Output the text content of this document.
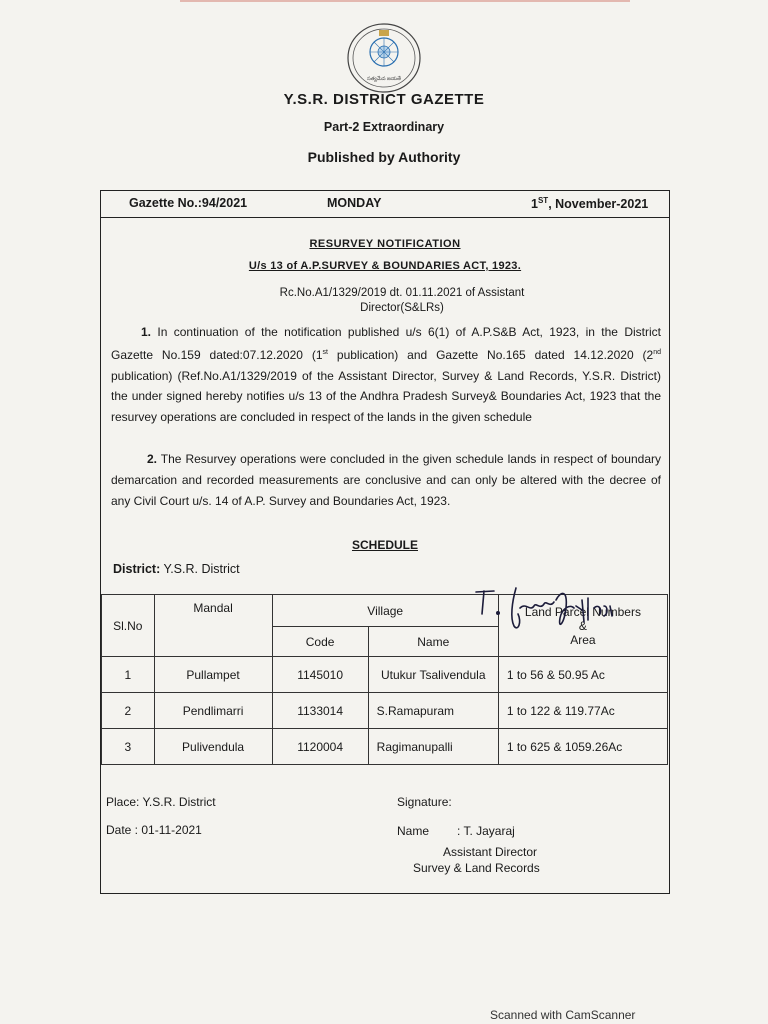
సత్యమేవ జయతే
Y.S.R. DISTRICT GAZETTE
Part-2 Extraordinary
Published by Authority
Gazette No.:94/2021	MONDAY	1ST, November-2021
RESURVEY NOTIFICATION
U/s 13 of A.P.SURVEY & BOUNDARIES ACT, 1923.
Rc.No.A1/1329/2019 dt. 01.11.2021 of Assistant Director(S&LRs)
1. In continuation of the notification published u/s 6(1) of A.P.S&B Act, 1923, in the District Gazette No.159 dated:07.12.2020 (1st publication) and Gazette No.165 dated 14.12.2020 (2nd publication) (Ref.No.A1/1329/2019 of the Assistant Director, Survey & Land Records, Y.S.R. District) the under signed hereby notifies u/s 13 of the Andhra Pradesh Survey& Boundaries Act, 1923 that the resurvey operations are concluded in respect of the lands in the given schedule
2. The Resurvey operations were concluded in the given schedule lands in respect of boundary demarcation and recorded measurements are conclusive and can only be altered with the decree of any Civil Court u/s. 14 of A.P. Survey and Boundaries Act, 1923.
SCHEDULE
District: Y.S.R. District
Sl.No	Mandal	Village		Land Parcel Numbers
&
Area

		Code	Name	
1	Pullampet	1145010	Utukur Tsalivendula	1 to 56 & 50.95 Ac
2	Pendlimarri	1133014	S.Ramapuram	1 to 122 & 119.77Ac
3	Pulivendula	1120004	Ragimanupalli	1 to 625 & 1059.26Ac
Place: Y.S.R. District
Date : 01-11-2021
Signature:
Name : T. Jayaraj
Assistant Director
Survey & Land Records
Scanned with CamScanner
